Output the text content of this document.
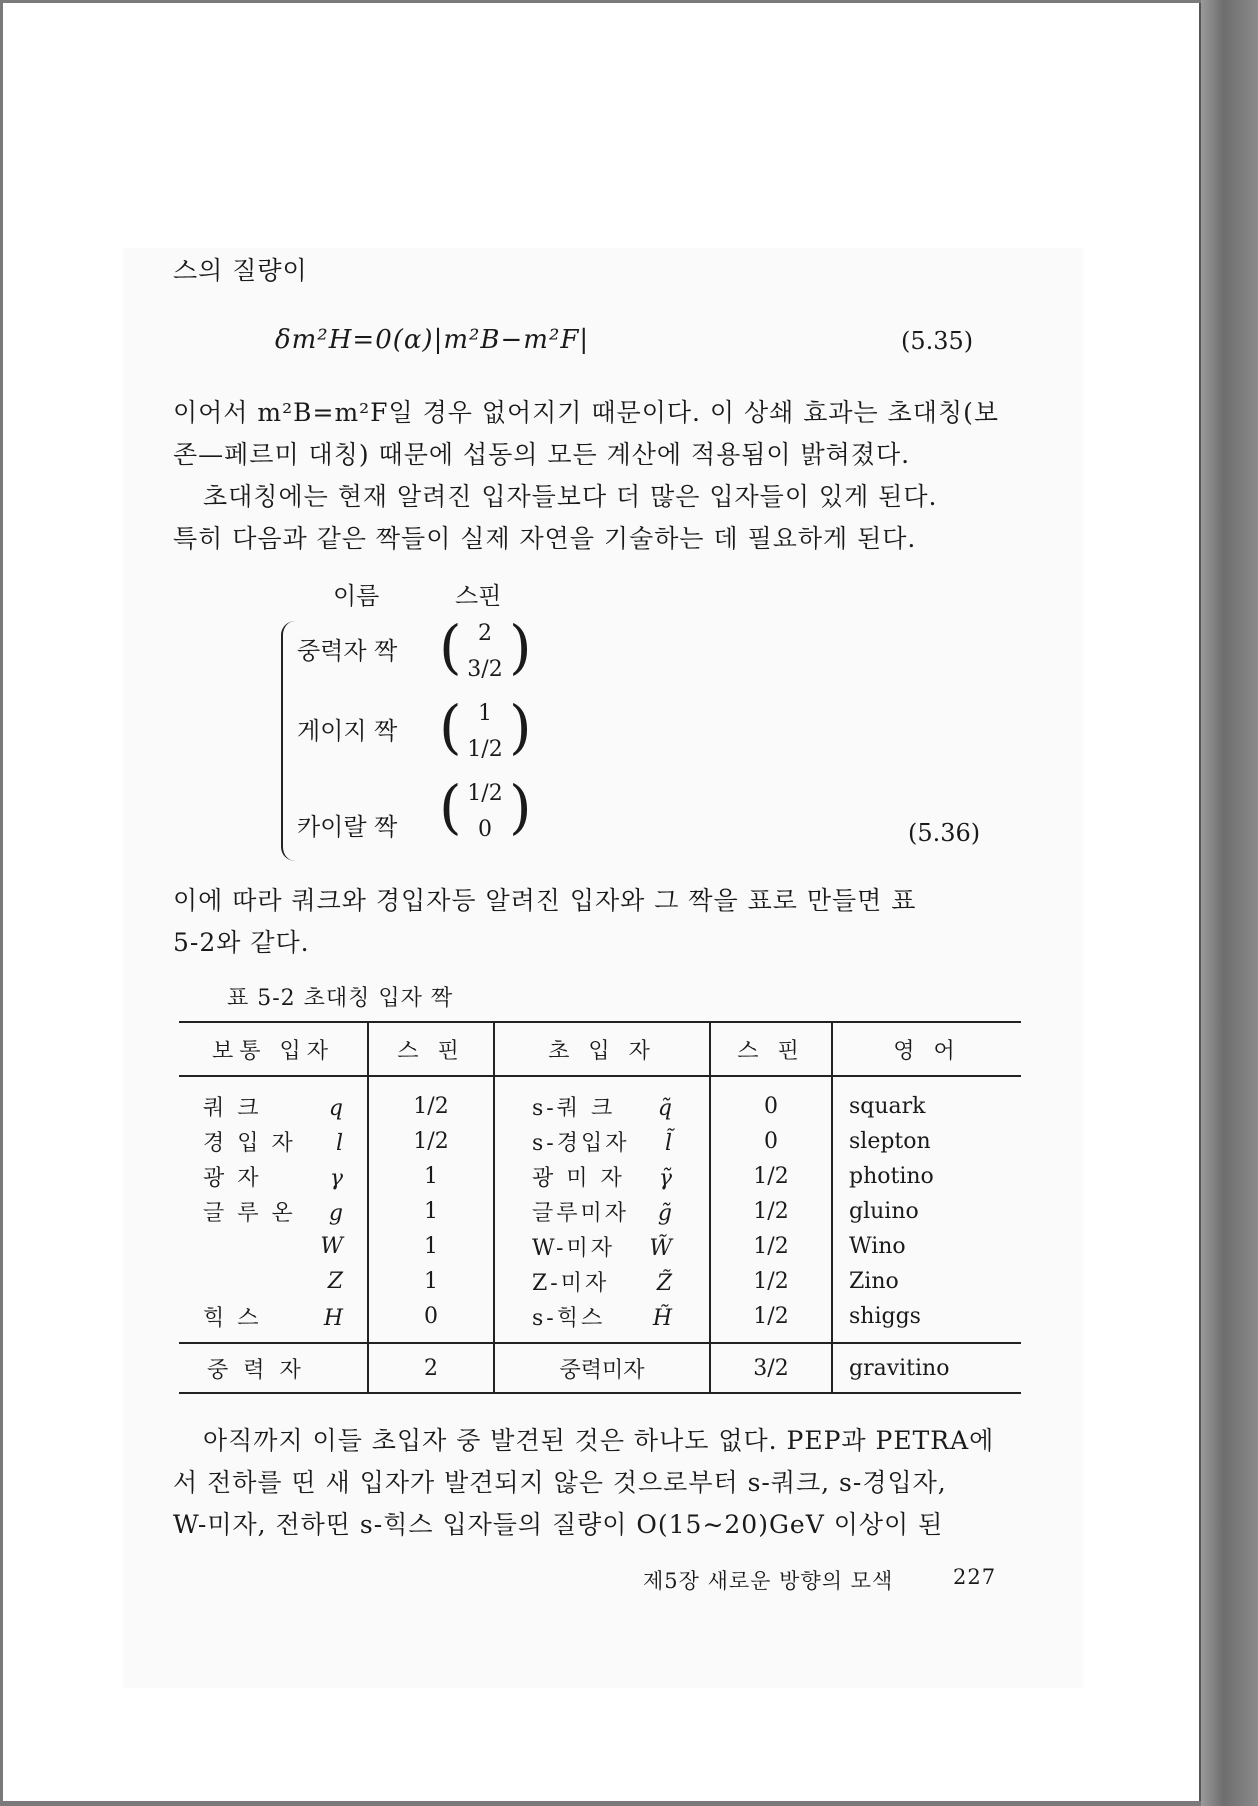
스의 질량이
δm²H=0(α)|m²B−m²F|	(5.35)
이어서 m²B=m²F일 경우 없어지기 때문이다. 이 상쇄 효과는 초대칭(보
존—페르미 대칭) 때문에 섭동의 모든 계산에 적용됨이 밝혀졌다.
초대칭에는 현재 알려진 입자들보다 더 많은 입자들이 있게 된다.
특히 다음과 같은 짝들이 실제 자연을 기술하는 데 필요하게 된다.
이름	스핀
중력자 짝 ( 2
3/2 )
게이지 짝 ( 1
1/2 )
카이랄 짝 ( 1/2
0 )	(5.36)
이에 따라 쿼크와 경입자등 알려진 입자와 그 짝을 표로 만들면 표
5-2와 같다.
표 5-2 초대칭 입자 짝
보통 입자	스 핀	초 입 자	스 핀	영 어
쿼 크 q	1/2	s-쿼 크 q̃	0	squark
경 입 자 l	1/2	s-경입자 l̃	0	slepton
광 자 γ	1	광 미 자 γ̃	1/2	photino
글 루 온 g	1	글루미자 g̃	1/2	gluino
W	1	W-미자 W̃	1/2	Wino
Z	1	Z-미자 Z̃	1/2	Zino
힉 스 H	0	s-힉스 H̃	1/2	shiggs
중 력 자	2	중력미자	3/2	gravitino
아직까지 이들 초입자 중 발견된 것은 하나도 없다. PEP과 PETRA에
서 전하를 띤 새 입자가 발견되지 않은 것으로부터 s-쿼크, s-경입자,
W-미자, 전하띤 s-힉스 입자들의 질량이 O(15∼20)GeV 이상이 된
제5장 새로운 방향의 모색	227
